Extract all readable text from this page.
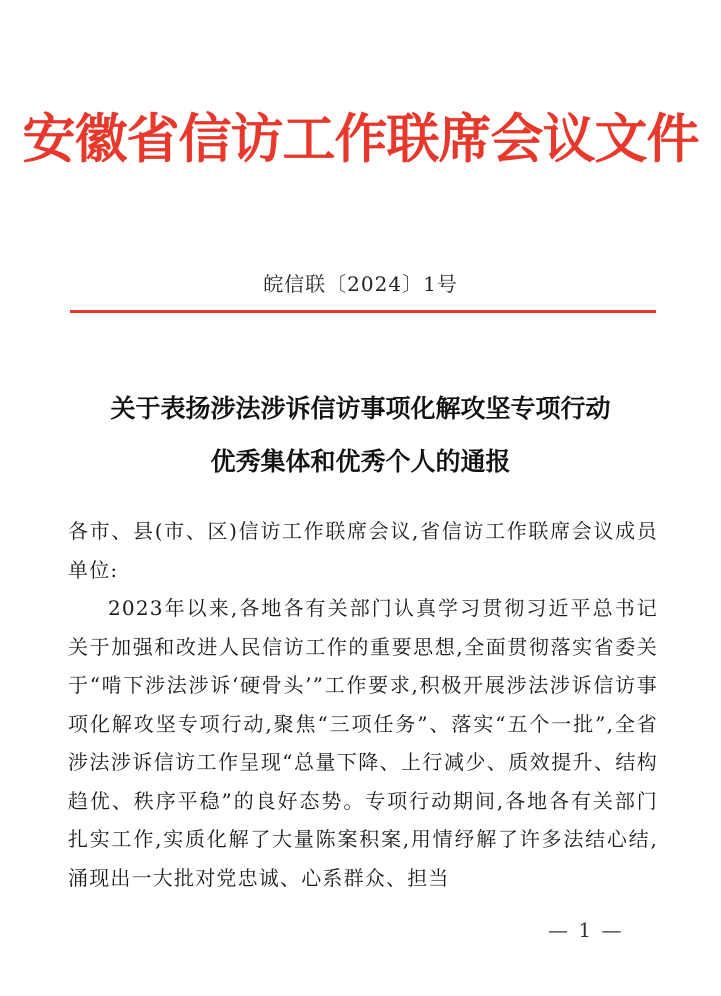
安徽省信访工作联席会议文件
皖信联〔2024〕1号
关于表扬涉法涉诉信访事项化解攻坚专项行动
优秀集体和优秀个人的通报

各市、县(市、区)信访工作联席会议,省信访工作联席会议成员单位:

2023年以来,各地各有关部门认真学习贯彻习近平总书记关于加强和改进人民信访工作的重要思想,全面贯彻落实省委关于“啃下涉法涉诉‘硬骨头’”工作要求,积极开展涉法涉诉信访事项化解攻坚专项行动,聚焦“三项任务”、落实“五个一批”,全省涉法涉诉信访工作呈现“总量下降、上行减少、质效提升、结构趋优、秩序平稳”的良好态势。专项行动期间,各地各有关部门扎实工作,实质化解了大量陈案积案,用情纾解了许多法结心结,涌现出一大批对党忠诚、心系群众、担当

— 1 —
